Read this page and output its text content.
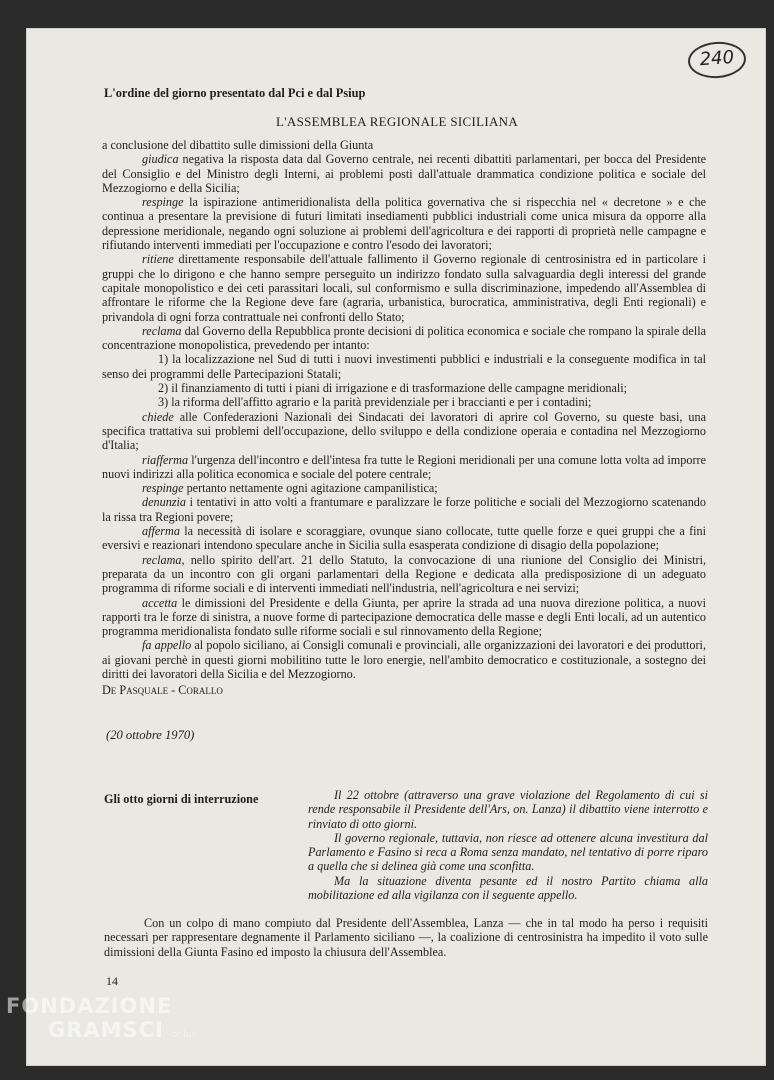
240
L'ordine del giorno presentato dal Pci e dal Psiup
L'ASSEMBLEA REGIONALE SICILIANA

a conclusione del dibattito sulle dimissioni della Giunta

giudica negativa la risposta data dal Governo centrale, nei recenti dibattiti parlamentari, per bocca del Presidente del Consiglio e del Ministro degli Interni, ai problemi posti dall'attuale drammatica condizione politica e sociale del Mezzogiorno e della Sicilia;

respinge la ispirazione antimeridionalista della politica governativa che si rispecchia nel « decretone » e che continua a presentare la previsione di futuri limitati insediamenti pubblici industriali come unica misura da opporre alla depressione meridionale, negando ogni soluzione ai problemi dell'agricoltura e dei rapporti di proprietà nelle campagne e rifiutando interventi immediati per l'occupazione e contro l'esodo dei lavoratori;

ritiene direttamente responsabile dell'attuale fallimento il Governo regionale di centrosinistra ed in particolare i gruppi che lo dirigono e che hanno sempre perseguito un indirizzo fondato sulla salvaguardia degli interessi del grande capitale monopolistico e dei ceti parassitari locali, sul conformismo e sulla discriminazione, impedendo all'Assemblea di affrontare le riforme che la Regione deve fare (agraria, urbanistica, burocratica, amministrativa, degli Enti regionali) e privandola di ogni forza contrattuale nei confronti dello Stato;

reclama dal Governo della Repubblica pronte decisioni di politica economica e sociale che rompano la spirale della concentrazione monopolistica, prevedendo per intanto:

1) la localizzazione nel Sud di tutti i nuovi investimenti pubblici e industriali e la conseguente modifica in tal senso dei programmi delle Partecipazioni Statali;

2) il finanziamento di tutti i piani di irrigazione e di trasformazione delle campagne meridionali;

3) la riforma dell'affitto agrario e la parità previdenziale per i braccianti e per i contadini;

chiede alle Confederazioni Nazionali dei Sindacati dei lavoratori di aprire col Governo, su queste basi, una specifica trattativa sui problemi dell'occupazione, dello sviluppo e della condizione operaia e contadina nel Mezzogiorno d'Italia;

riafferma l'urgenza dell'incontro e dell'intesa fra tutte le Regioni meridionali per una comune lotta volta ad imporre nuovi indirizzi alla politica economica e sociale del potere centrale;

respinge pertanto nettamente ogni agitazione campanilistica;

denunzia i tentativi in atto volti a frantumare e paralizzare le forze politiche e sociali del Mezzogiorno scatenando la rissa tra Regioni povere;

afferma la necessità di isolare e scoraggiare, ovunque siano collocate, tutte quelle forze e quei gruppi che a fini eversivi e reazionari intendono speculare anche in Sicilia sulla esasperata condizione di disagio della popolazione;

reclama, nello spirito dell'art. 21 dello Statuto, la convocazione di una riunione del Consiglio dei Ministri, preparata da un incontro con gli organi parlamentari della Regione e dedicata alla predisposizione di un adeguato programma di riforme sociali e di interventi immediati nell'industria, nell'agricoltura e nei servizi;

accetta le dimissioni del Presidente e della Giunta, per aprire la strada ad una nuova direzione politica, a nuovi rapporti tra le forze di sinistra, a nuove forme di partecipazione democratica delle masse e degli Enti locali, ad un autentico programma meridionalista fondato sulle riforme sociali e sul rinnovamento della Regione;

fa appello al popolo siciliano, ai Consigli comunali e provinciali, alle organizzazioni dei lavoratori e dei produttori, ai giovani perchè in questi giorni mobilitino tutte le loro energie, nell'ambito democratico e costituzionale, a sostegno dei diritti dei lavoratori della Sicilia e del Mezzogiorno.

De Pasquale - Corallo

(20 ottobre 1970)
Gli otto giorni di interruzione	Il 22 ottobre (attraverso una grave violazione del Regolamento di cui si rende responsabile il Presidente dell'Ars, on. Lanza) il dibattito viene interrotto e rinviato di otto giorni.

Il governo regionale, tuttavia, non riesce ad ottenere alcuna investitura dal Parlamento e Fasino si reca a Roma senza mandato, nel tentativo di porre riparo a quella che si delinea già come una sconfitta.

Ma la situazione diventa pesante ed il nostro Partito chiama alla mobilitazione ed alla vigilanza con il seguente appello.

Con un colpo di mano compiuto dal Presidente dell'Assemblea, Lanza — che in tal modo ha perso i requisiti necessari per rappresentare degnamente il Parlamento siciliano —, la coalizione di centrosinistra ha impedito il voto sulle dimissioni della Giunta Fasino ed imposto la chiusura dell'Assemblea.

14
FONDAZIONE
GRAMSCI onlus
